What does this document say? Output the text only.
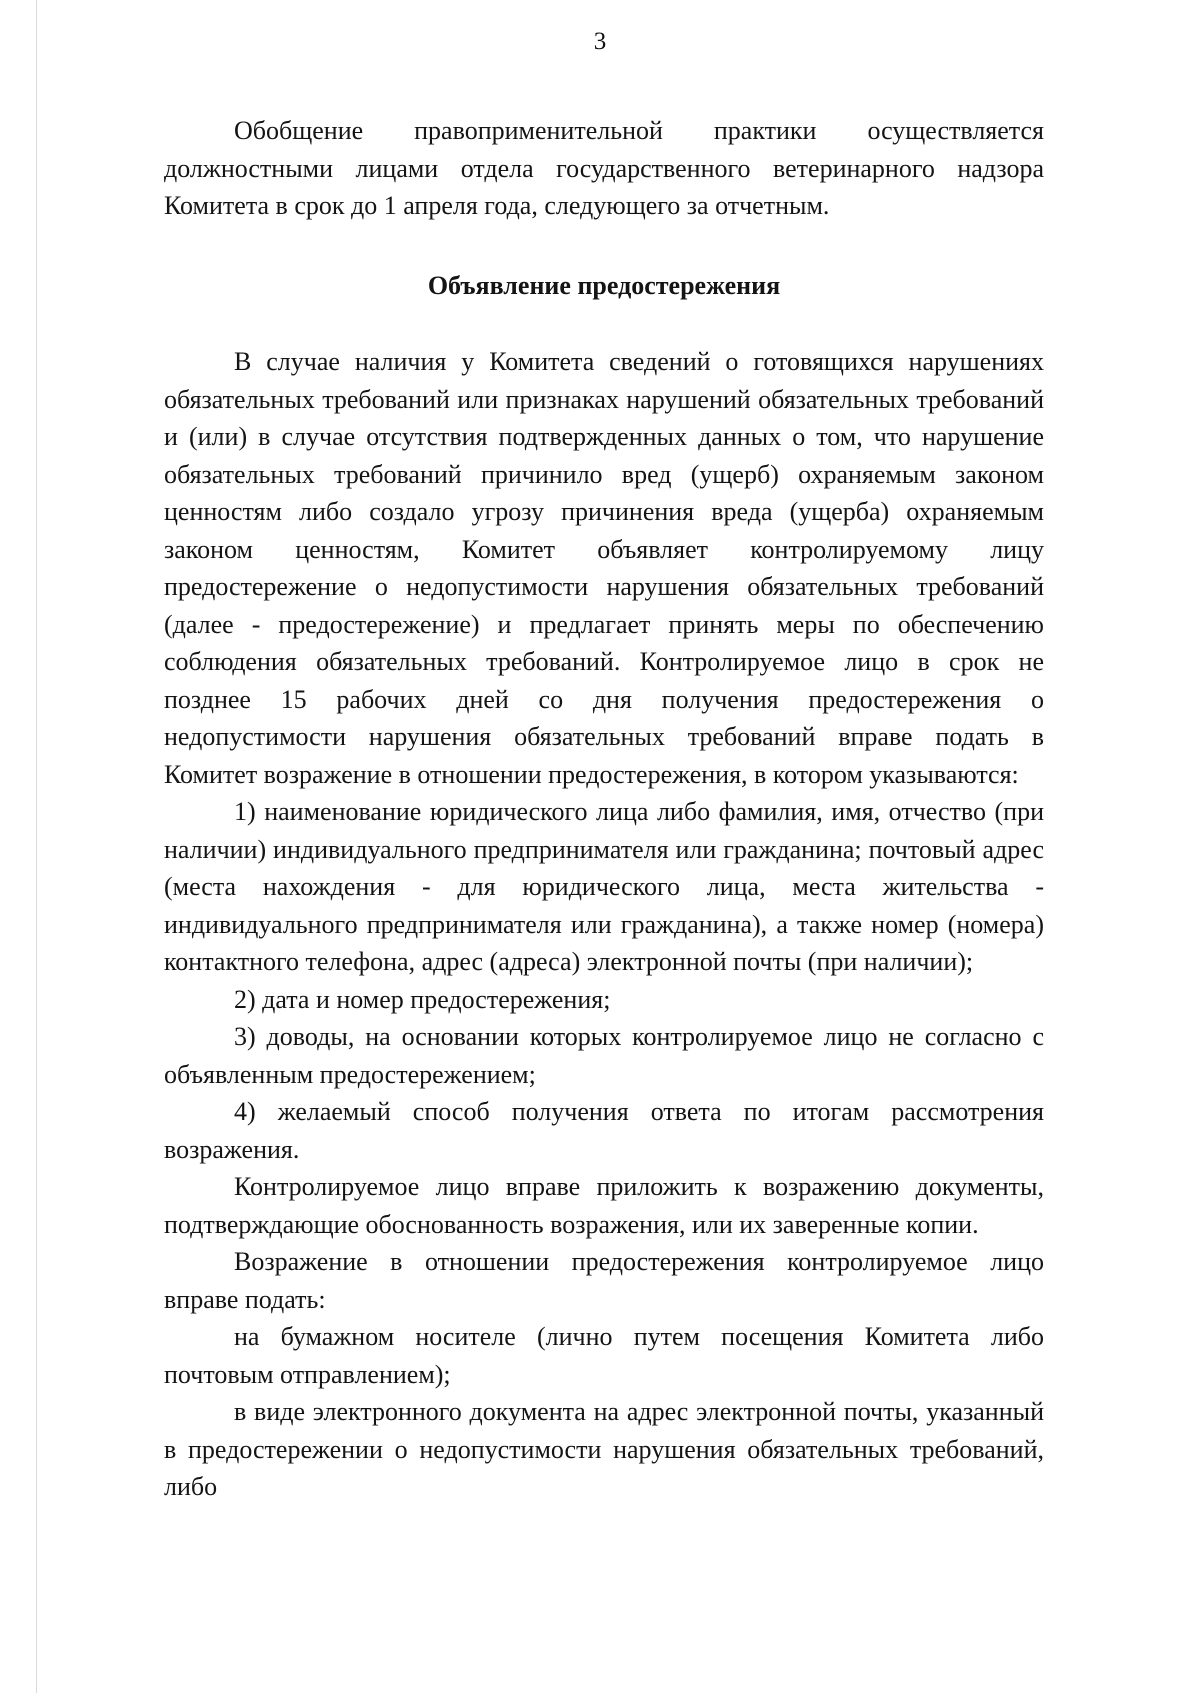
3

Обобщение правоприменительной практики осуществляется должностными лицами отдела государственного ветеринарного надзора Комитета в срок до 1 апреля года, следующего за отчетным.

Объявление предостережения

В случае наличия у Комитета сведений о готовящихся нарушениях обязательных требований или признаках нарушений обязательных требований и (или) в случае отсутствия подтвержденных данных о том, что нарушение обязательных требований причинило вред (ущерб) охраняемым законом ценностям либо создало угрозу причинения вреда (ущерба) охраняемым законом ценностям, Комитет объявляет контролируемому лицу предостережение о недопустимости нарушения обязательных требований (далее - предостережение) и предлагает принять меры по обеспечению соблюдения обязательных требований. Контролируемое лицо в срок не позднее 15 рабочих дней со дня получения предостережения о недопустимости нарушения обязательных требований вправе подать в Комитет возражение в отношении предостережения, в котором указываются:

1) наименование юридического лица либо фамилия, имя, отчество (при наличии) индивидуального предпринимателя или гражданина; почтовый адрес (места нахождения - для юридического лица, места жительства - индивидуального предпринимателя или гражданина), а также номер (номера) контактного телефона, адрес (адреса) электронной почты (при наличии);

2) дата и номер предостережения;

3) доводы, на основании которых контролируемое лицо не согласно с объявленным предостережением;

4) желаемый способ получения ответа по итогам рассмотрения возражения.

Контролируемое лицо вправе приложить к возражению документы, подтверждающие обоснованность возражения, или их заверенные копии.

Возражение в отношении предостережения контролируемое лицо вправе подать:

на бумажном носителе (лично путем посещения Комитета либо почтовым отправлением);

в виде электронного документа на адрес электронной почты, указанный в предостережении о недопустимости нарушения обязательных требований, либо
